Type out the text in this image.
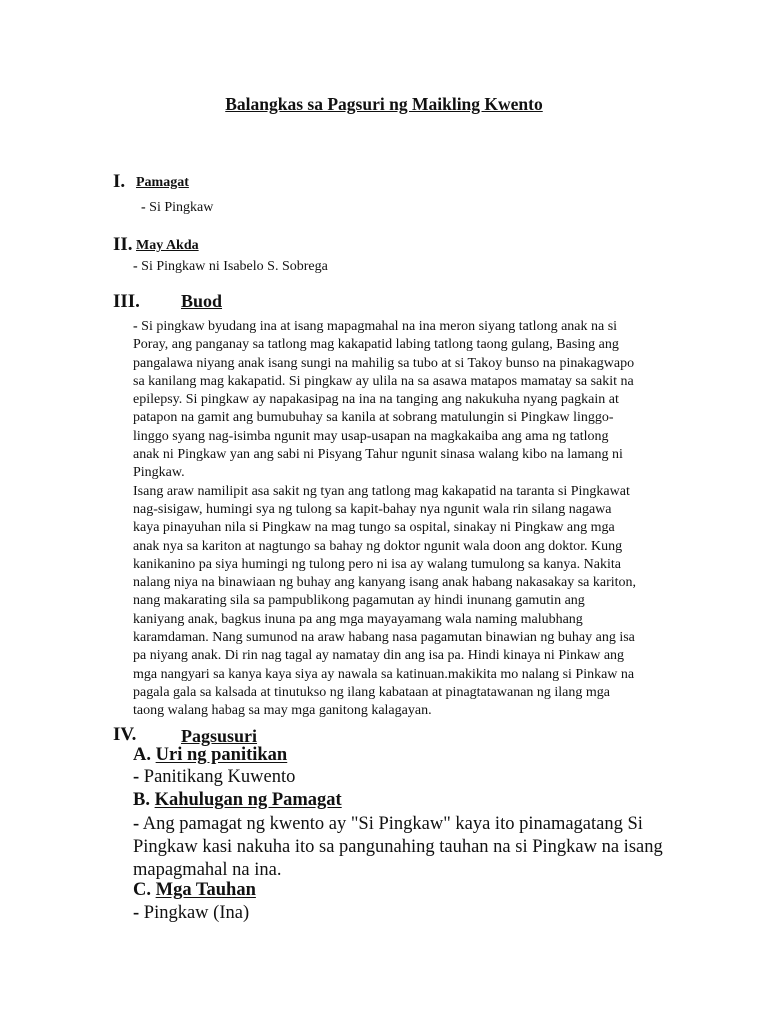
Balangkas sa Pagsuri ng Maikling Kwento
I. Pamagat
- Si Pingkaw
II. May Akda
- Si Pingkaw ni Isabelo S. Sobrega
III. Buod
- Si pingkaw byudang ina at isang mapagmahal na ina meron siyang tatlong anak na si
Poray, ang panganay sa tatlong mag kakapatid labing tatlong taong gulang, Basing ang
pangalawa niyang anak isang sungi na mahilig sa tubo at si Takoy bunso na pinakagwapo
sa kanilang mag kakapatid. Si pingkaw ay ulila na sa asawa matapos mamatay sa sakit na
epilepsy. Si pingkaw ay napakasipag na ina na tanging ang nakukuha nyang pagkain at
patapon na gamit ang bumubuhay sa kanila at sobrang matulungin si Pingkaw linggo-
linggo syang nag-isimba ngunit may usap-usapan na magkakaiba ang ama ng tatlong
anak ni Pingkaw yan ang sabi ni Pisyang Tahur ngunit sinasa walang kibo na lamang ni
Pingkaw.
Isang araw namilipit asa sakit ng tyan ang tatlong mag kakapatid na taranta si Pingkawat
nag-sisigaw, humingi sya ng tulong sa kapit-bahay nya ngunit wala rin silang nagawa
kaya pinayuhan nila si Pingkaw na mag tungo sa ospital, sinakay ni Pingkaw ang mga
anak nya sa kariton at nagtungo sa bahay ng doktor ngunit wala doon ang doktor. Kung
kanikanino pa siya humingi ng tulong pero ni isa ay walang tumulong sa kanya. Nakita
nalang niya na binawiaan ng buhay ang kanyang isang anak habang nakasakay sa kariton,
nang makarating sila sa pampublikong pagamutan ay hindi inunang gamutin ang
kaniyang anak, bagkus inuna pa ang mga mayayamang wala naming malubhang
karamdaman. Nang sumunod na araw habang nasa pagamutan binawian ng buhay ang isa
pa niyang anak. Di rin nag tagal ay namatay din ang isa pa. Hindi kinaya ni Pinkaw ang
mga nangyari sa kanya kaya siya ay nawala sa katinuan.makikita mo nalang si Pinkaw na
pagala gala sa kalsada at tinutukso ng ilang kabataan at pinagtatawanan ng ilang mga
taong walang habag sa may mga ganitong kalagayan.
IV. Pagsusuri
A. Uri ng panitikan
- Panitikang Kuwento
B. Kahulugan ng Pamagat
- Ang pamagat ng kwento ay "Si Pingkaw" kaya ito pinamagatang Si
Pingkaw kasi nakuha ito sa pangunahing tauhan na si Pingkaw na isang
mapagmahal na ina.
C. Mga Tauhan
- Pingkaw (Ina)
